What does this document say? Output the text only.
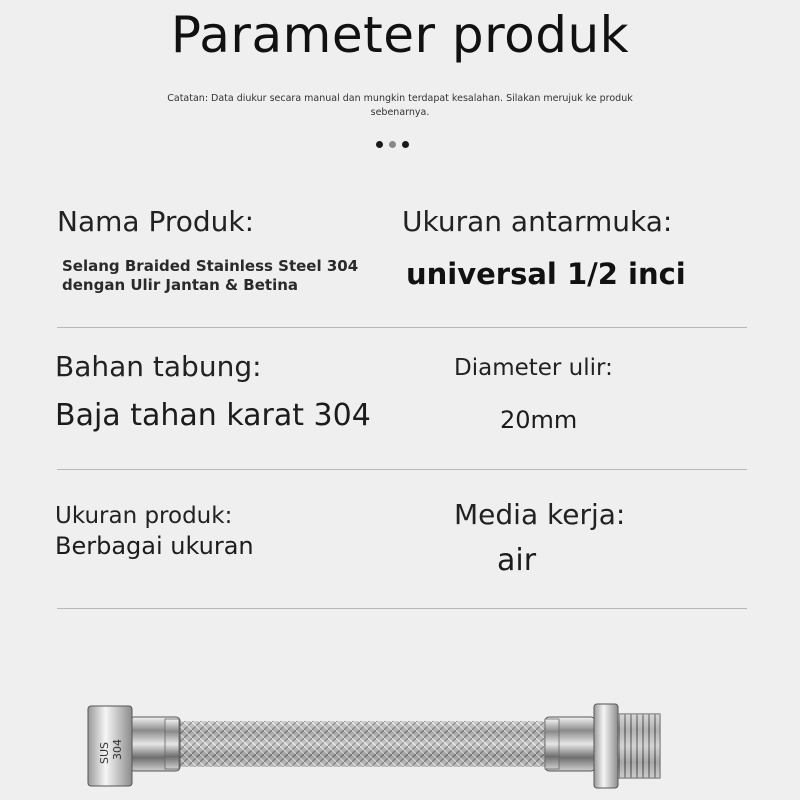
Parameter produk
Catatan: Data diukur secara manual dan mungkin terdapat kesalahan. Silakan merujuk ke produk sebenarnya.
Nama Produk:
Selang Braided Stainless Steel 304 dengan Ulir Jantan & Betina
Ukuran antarmuka:
universal 1/2 inci
Bahan tabung:
Baja tahan karat 304
Diameter ulir:
20mm
Ukuran produk:
Berbagai ukuran
Media kerja:
air
SUS 304
